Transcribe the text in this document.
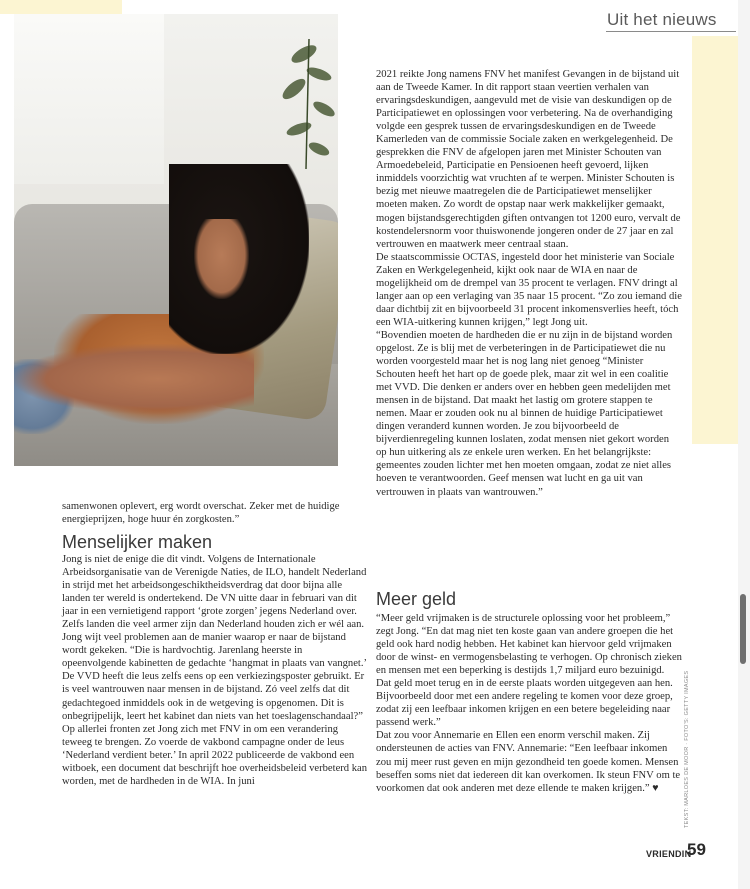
Uit het nieuws

2021 reikte Jong namens FNV het manifest Gevangen in de bijstand uit aan de Tweede Kamer. In dit rapport staan veertien verhalen van ervaringsdeskundigen, aangevuld met de visie van deskundigen op de Participatiewet en oplossingen voor verbetering. Na de overhandiging volgde een gesprek tussen de ervaringsdeskundigen en de Tweede Kamerleden van de commissie Sociale zaken en werkgelegenheid. De gesprekken die FNV de afgelopen jaren met Minister Schouten van Armoedebeleid, Participatie en Pensioenen heeft gevoerd, lijken inmiddels voorzichtig wat vruchten af te werpen. Minister Schouten is bezig met nieuwe maatregelen die de Participatiewet menselijker moeten maken. Zo wordt de opstap naar werk makkelijker gemaakt, mogen bijstandsgerechtigden giften ontvangen tot 1200 euro, vervalt de kostendelersnorm voor thuiswonende jongeren onder de 27 jaar en zal vertrouwen en maatwerk meer centraal staan.

De staatscommissie OCTAS, ingesteld door het ministerie van Sociale Zaken en Werkgelegenheid, kijkt ook naar de WIA en naar de mogelijkheid om de drempel van 35 procent te verlagen. FNV dringt al langer aan op een verlaging van 35 naar 15 procent. “Zo zou iemand die daar dichtbij zit en bijvoorbeeld 31 procent inkomensverlies heeft, tóch een WIA-uitkering kunnen krijgen,” legt Jong uit.

“Bovendien moeten de hardheden die er nu zijn in de bijstand worden opgelost. Ze is blij met de verbeteringen in de Participatiewet die nu worden voorgesteld maar het is nog lang niet genoeg “Minister Schouten heeft het hart op de goede plek, maar zit wel in een coalitie met VVD. Die denken er anders over en hebben geen medelijden met mensen in de bijstand. Dat maakt het lastig om grotere stappen te nemen. Maar er zouden ook nu al binnen de huidige Participatiewet dingen veranderd kunnen worden. Je zou bijvoorbeeld de bijverdienregeling kunnen loslaten, zodat mensen niet gekort worden op hun uitkering als ze enkele uren werken. En het belangrijkste: gemeentes zouden lichter met hen moeten omgaan, zodat ze niet alles hoeven te verantwoorden. Geef mensen wat lucht en ga uit van vertrouwen in plaats van wantrouwen.”

samenwonen oplevert, erg wordt overschat. Zeker met de huidige energieprijzen, hoge huur én zorgkosten.”

Menselijker maken

Jong is niet de enige die dit vindt. Volgens de Internationale Arbeidsorganisatie van de Verenigde Naties, de ILO, handelt Nederland in strijd met het arbeidsongeschiktheidsverdrag dat door bijna alle landen ter wereld is ondertekend. De VN uitte daar in februari van dit jaar in een vernietigend rapport ‘grote zorgen’ jegens Nederland over. Zelfs landen die veel armer zijn dan Nederland houden zich er wél aan. Jong wijt veel problemen aan de manier waarop er naar de bijstand wordt gekeken. “Die is hardvochtig. Jarenlang heerste in opeenvolgende kabinetten de gedachte ‘hangmat in plaats van vangnet.’ De VVD heeft die leus zelfs eens op een verkiezingsposter gebruikt. Er is veel wantrouwen naar mensen in de bijstand. Zó veel zelfs dat dit gedachtegoed inmiddels ook in de wetgeving is opgenomen. Dit is onbegrijpelijk, leert het kabinet dan niets van het toeslagenschandaal?”

Op allerlei fronten zet Jong zich met FNV in om een verandering teweeg te brengen. Zo voerde de vakbond campagne onder de leus ‘Nederland verdient beter.’ In april 2022 publiceerde de vakbond een witboek, een document dat beschrijft hoe overheidsbeleid verbeterd kan worden, met de hardheden in de WIA. In juni

Meer geld

“Meer geld vrijmaken is de structurele oplossing voor het probleem,” zegt Jong. “En dat mag niet ten koste gaan van andere groepen die het geld ook hard nodig hebben. Het kabinet kan hiervoor geld vrijmaken door de winst- en vermogensbelasting te verhogen. Op chronisch zieken en mensen met een beperking is destijds 1,7 miljard euro bezuinigd. Dat geld moet terug en in de eerste plaats worden uitgegeven aan hen. Bijvoorbeeld door met een andere regeling te komen voor deze groep, zodat zij een leefbaar inkomen krijgen en een betere begeleiding naar passend werk.”

Dat zou voor Annemarie en Ellen een enorm verschil maken. Zij ondersteunen de acties van FNV. Annemarie: “Een leefbaar inkomen zou mij meer rust geven en mijn gezondheid ten goede komen. Mensen beseffen soms niet dat iedereen dit kan overkomen. Ik steun FNV om te voorkomen dat ook anderen met deze ellende te maken krijgen.” ♥	TEKST: MARLOES DE MOOR · FOTO'S: GETTY IMAGES
VRIENDIN
59
